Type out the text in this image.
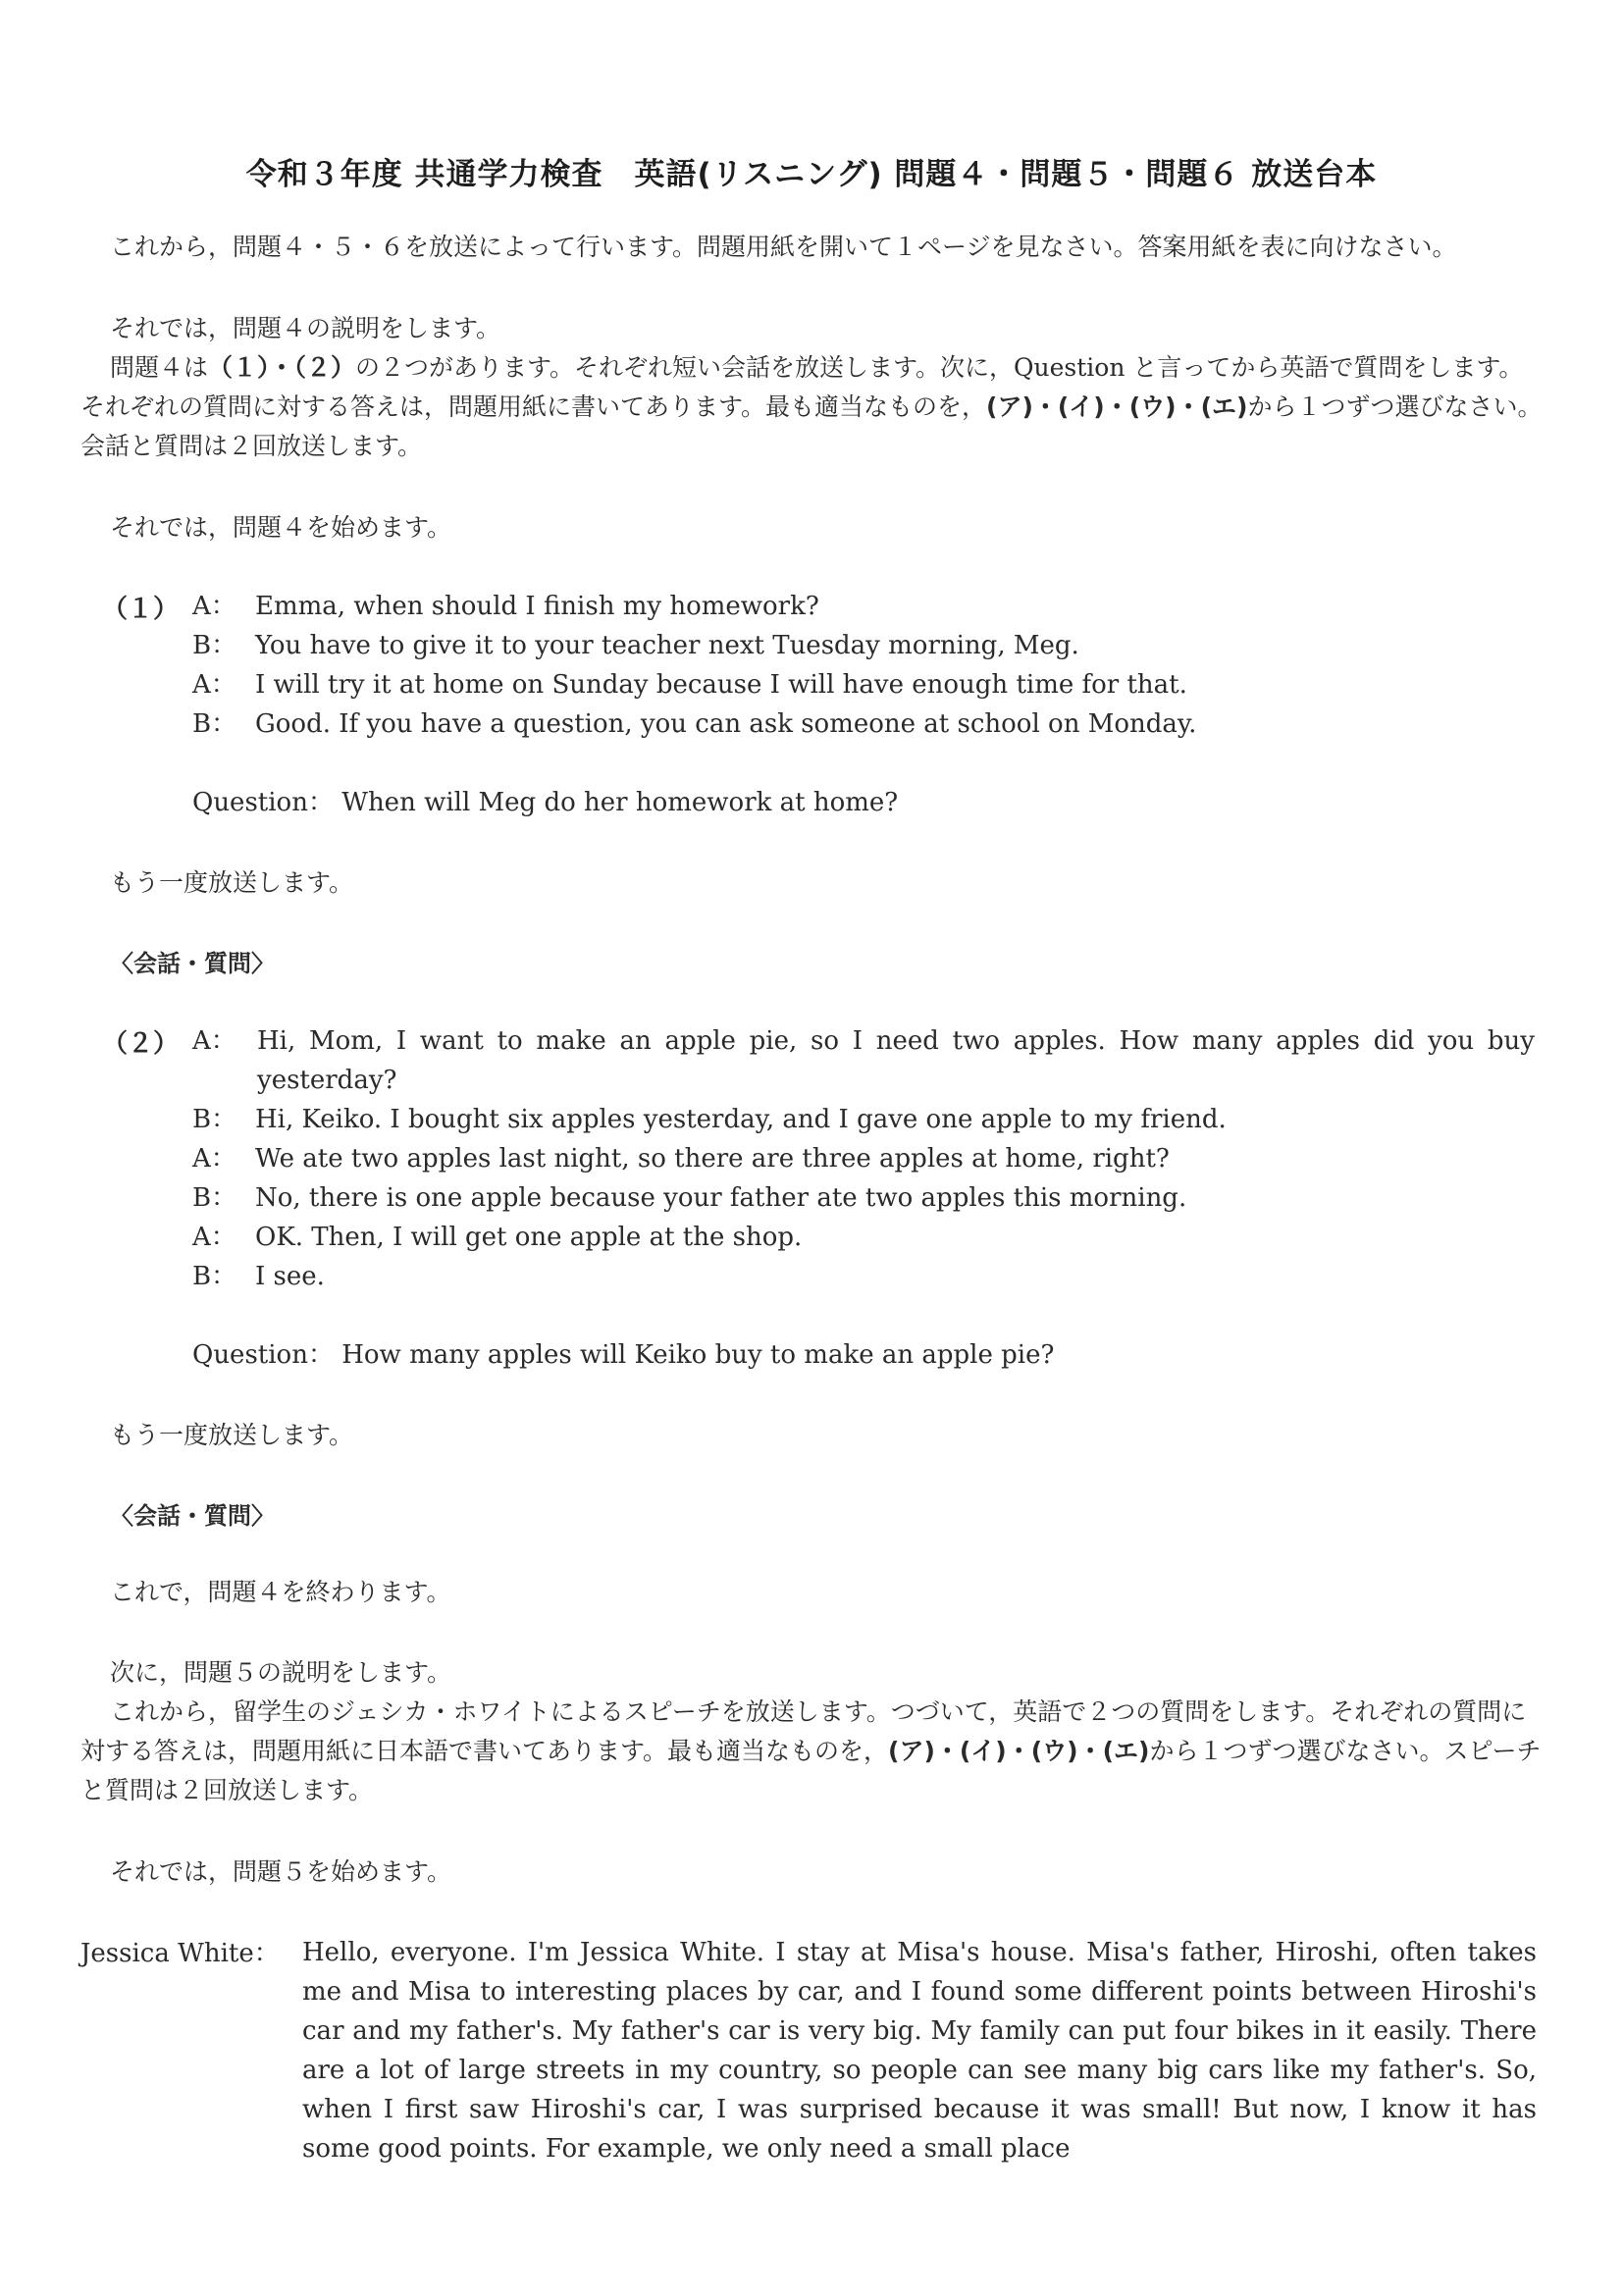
令和３年度 共通学力検査　英語(リスニング) 問題４・問題５・問題６ 放送台本

これから，問題４・５・６を放送によって行います。問題用紙を開いて１ページを見なさい。答案用紙を表に向けなさい。

それでは，問題４の説明をします。

問題４は（１）・（２）の２つがあります。それぞれ短い会話を放送します。次に，Question と言ってから英語で質問をします。それぞれの質問に対する答えは，問題用紙に書いてあります。最も適当なものを，(ア)・(イ)・(ウ)・(エ)から１つずつ選びなさい。会話と質問は２回放送します。

それでは，問題４を始めます。

（１） A： Emma, when should I finish my homework?
B： You have to give it to your teacher next Tuesday morning, Meg.
A： I will try it at home on Sunday because I will have enough time for that.
B： Good. If you have a question, you can ask someone at school on Monday.
Question： When will Meg do her homework at home?

もう一度放送します。

〈会話・質問〉
（２） A： Hi, Mom, I want to make an apple pie, so I need two apples. How many apples did you buy yesterday?
B： Hi, Keiko. I bought six apples yesterday, and I gave one apple to my friend.
A： We ate two apples last night, so there are three apples at home, right?
B： No, there is one apple because your father ate two apples this morning.
A： OK. Then, I will get one apple at the shop.
B： I see.
Question： How many apples will Keiko buy to make an apple pie?

もう一度放送します。

〈会話・質問〉

これで，問題４を終わります。

次に，問題５の説明をします。

これから，留学生のジェシカ・ホワイトによるスピーチを放送します。つづいて，英語で２つの質問をします。それぞれの質問に対する答えは，問題用紙に日本語で書いてあります。最も適当なものを，(ア)・(イ)・(ウ)・(エ)から１つずつ選びなさい。スピーチと質問は２回放送します。

それでは，問題５を始めます。

Jessica White： Hello, everyone. I'm Jessica White. I stay at Misa's house. Misa's father, Hiroshi, often takes me and Misa to interesting places by car, and I found some different points between Hiroshi's car and my father's. My father's car is very big. My family can put four bikes in it easily. There are a lot of large streets in my country, so people can see many big cars like my father's. So, when I first saw Hiroshi's car, I was surprised because it was small! But now, I know it has some good points. For example, we only need a small place
